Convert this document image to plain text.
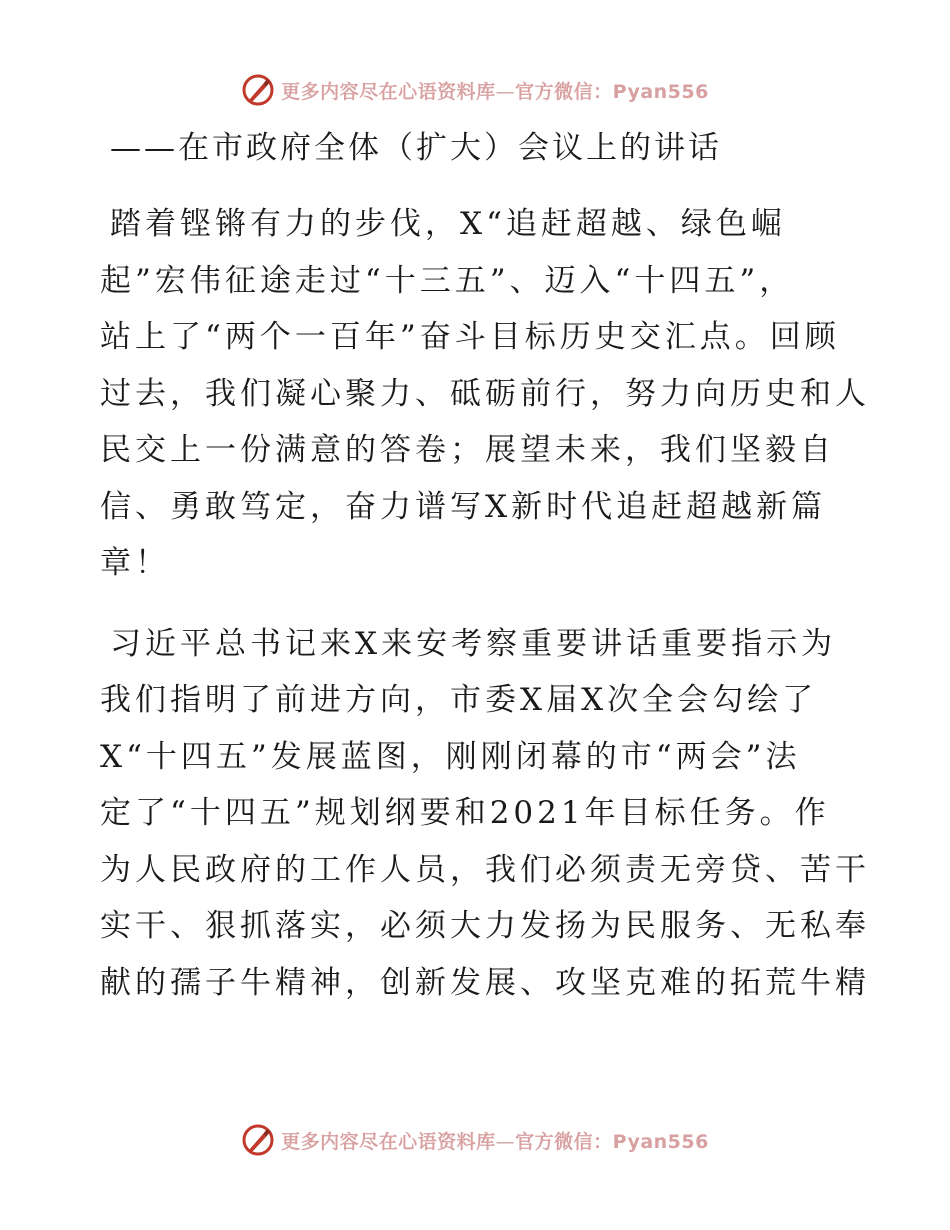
更多内容尽在心语资料库—官方微信：Pyan556
——在市政府全体（扩大）会议上的讲话
踏着铿锵有力的步伐，X“追赶超越、绿色崛
起”宏伟征途走过“十三五”、迈入“十四五”，
站上了“两个一百年”奋斗目标历史交汇点。回顾
过去，我们凝心聚力、砥砺前行，努力向历史和人
民交上一份满意的答卷；展望未来，我们坚毅自
信、勇敢笃定，奋力谱写X新时代追赶超越新篇
章！
习近平总书记来X来安考察重要讲话重要指示为
我们指明了前进方向，市委X届X次全会勾绘了
X“十四五”发展蓝图，刚刚闭幕的市“两会”法
定了“十四五”规划纲要和2021年目标任务。作
为人民政府的工作人员，我们必须责无旁贷、苦干
实干、狠抓落实，必须大力发扬为民服务、无私奉
献的孺子牛精神，创新发展、攻坚克难的拓荒牛精
更多内容尽在心语资料库—官方微信：Pyan556
